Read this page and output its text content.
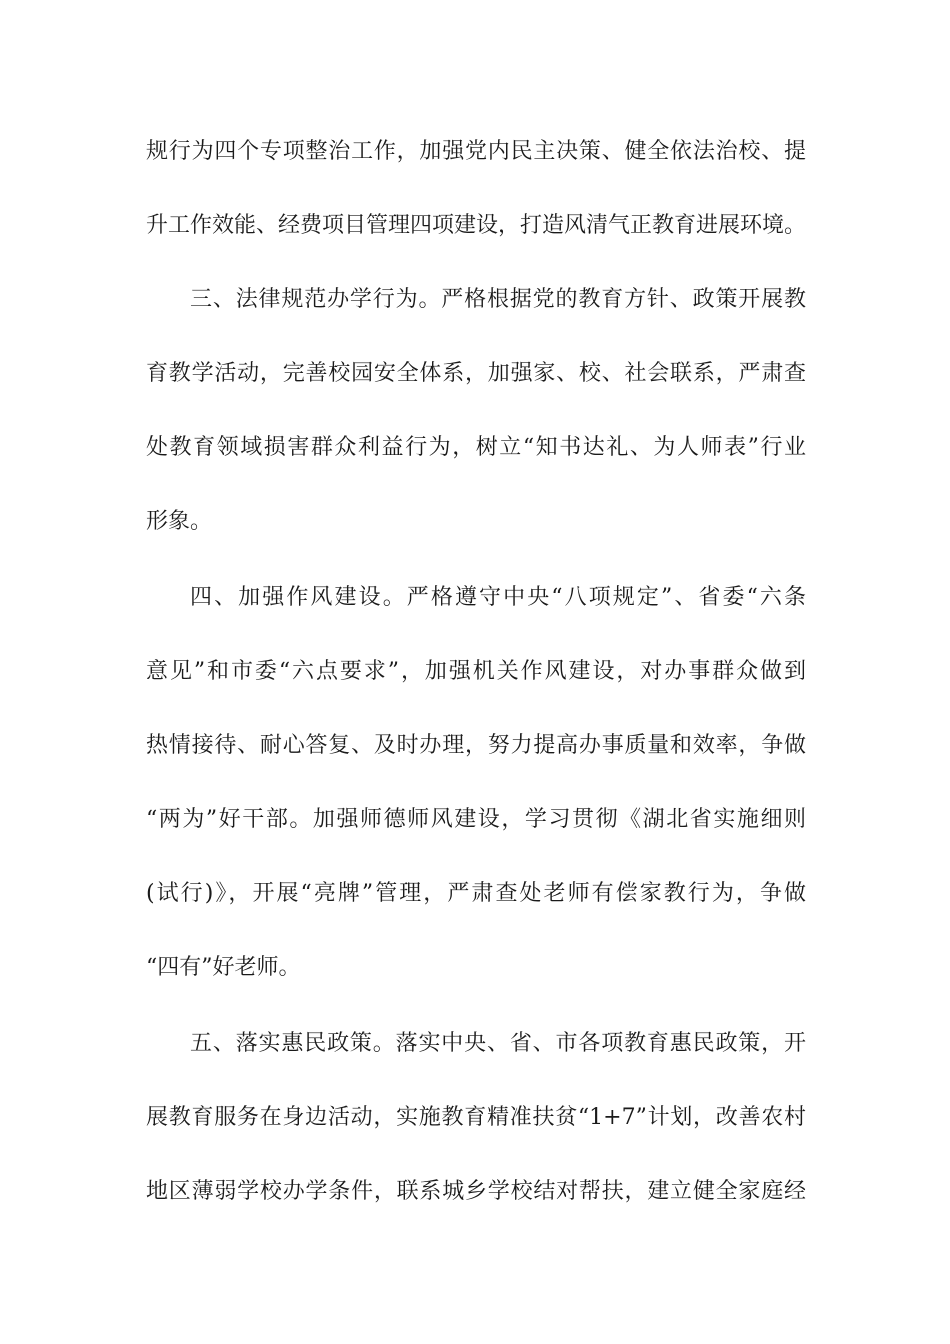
规行为四个专项整治工作，加强党内民主决策、健全依法治校、提
升工作效能、经费项目管理四项建设，打造风清气正教育进展环境。
三、法律规范办学行为。严格根据党的教育方针、政策开展教
育教学活动，完善校园安全体系，加强家、校、社会联系，严肃查
处教育领域损害群众利益行为，树立“知书达礼、为人师表”行业
形象。
四、加强作风建设。严格遵守中央“八项规定”、省委“六条
意见”和市委“六点要求”，加强机关作风建设，对办事群众做到
热情接待、耐心答复、及时办理，努力提高办事质量和效率，争做
“两为”好干部。加强师德师风建设，学习贯彻《湖北省实施细则
(试行)》，开展“亮牌”管理，严肃查处老师有偿家教行为，争做
“四有”好老师。
五、落实惠民政策。落实中央、省、市各项教育惠民政策，开
展教育服务在身边活动，实施教育精准扶贫“1+7”计划，改善农村
地区薄弱学校办学条件，联系城乡学校结对帮扶，建立健全家庭经
